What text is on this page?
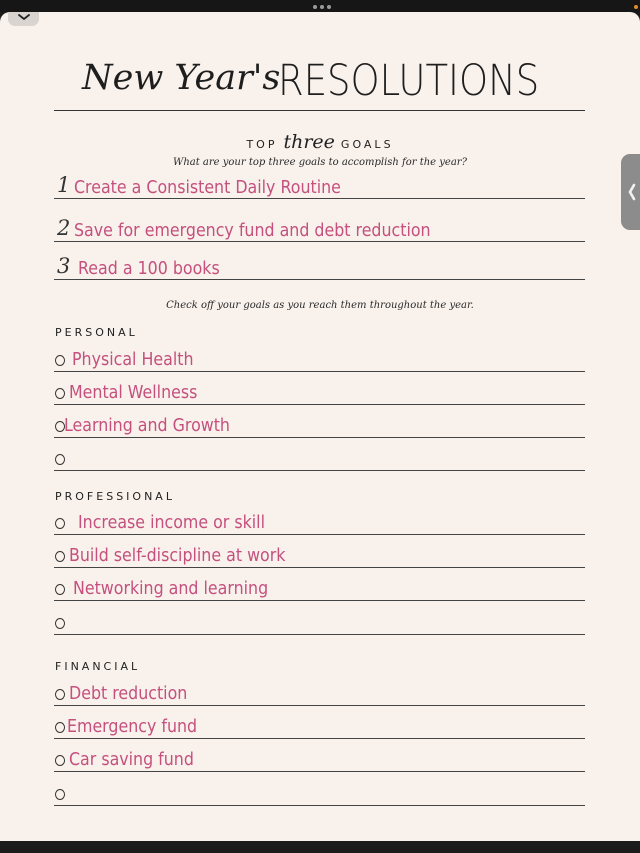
New Year's
RESOLUTIONS
TOP three GOALS
What are your top three goals to accomplish for the year?
1 Create a Consistent Daily Routine
2 Save for emergency fund and debt reduction
3 Read a 100 books
Check off your goals as you reach them throughout the year.
PERSONAL
Physical Health
Mental Wellness
Learning and Growth
PROFESSIONAL
Increase income or skill
Build self-discipline at work
Networking and learning
FINANCIAL
Debt reduction
Emergency fund
Car saving fund
